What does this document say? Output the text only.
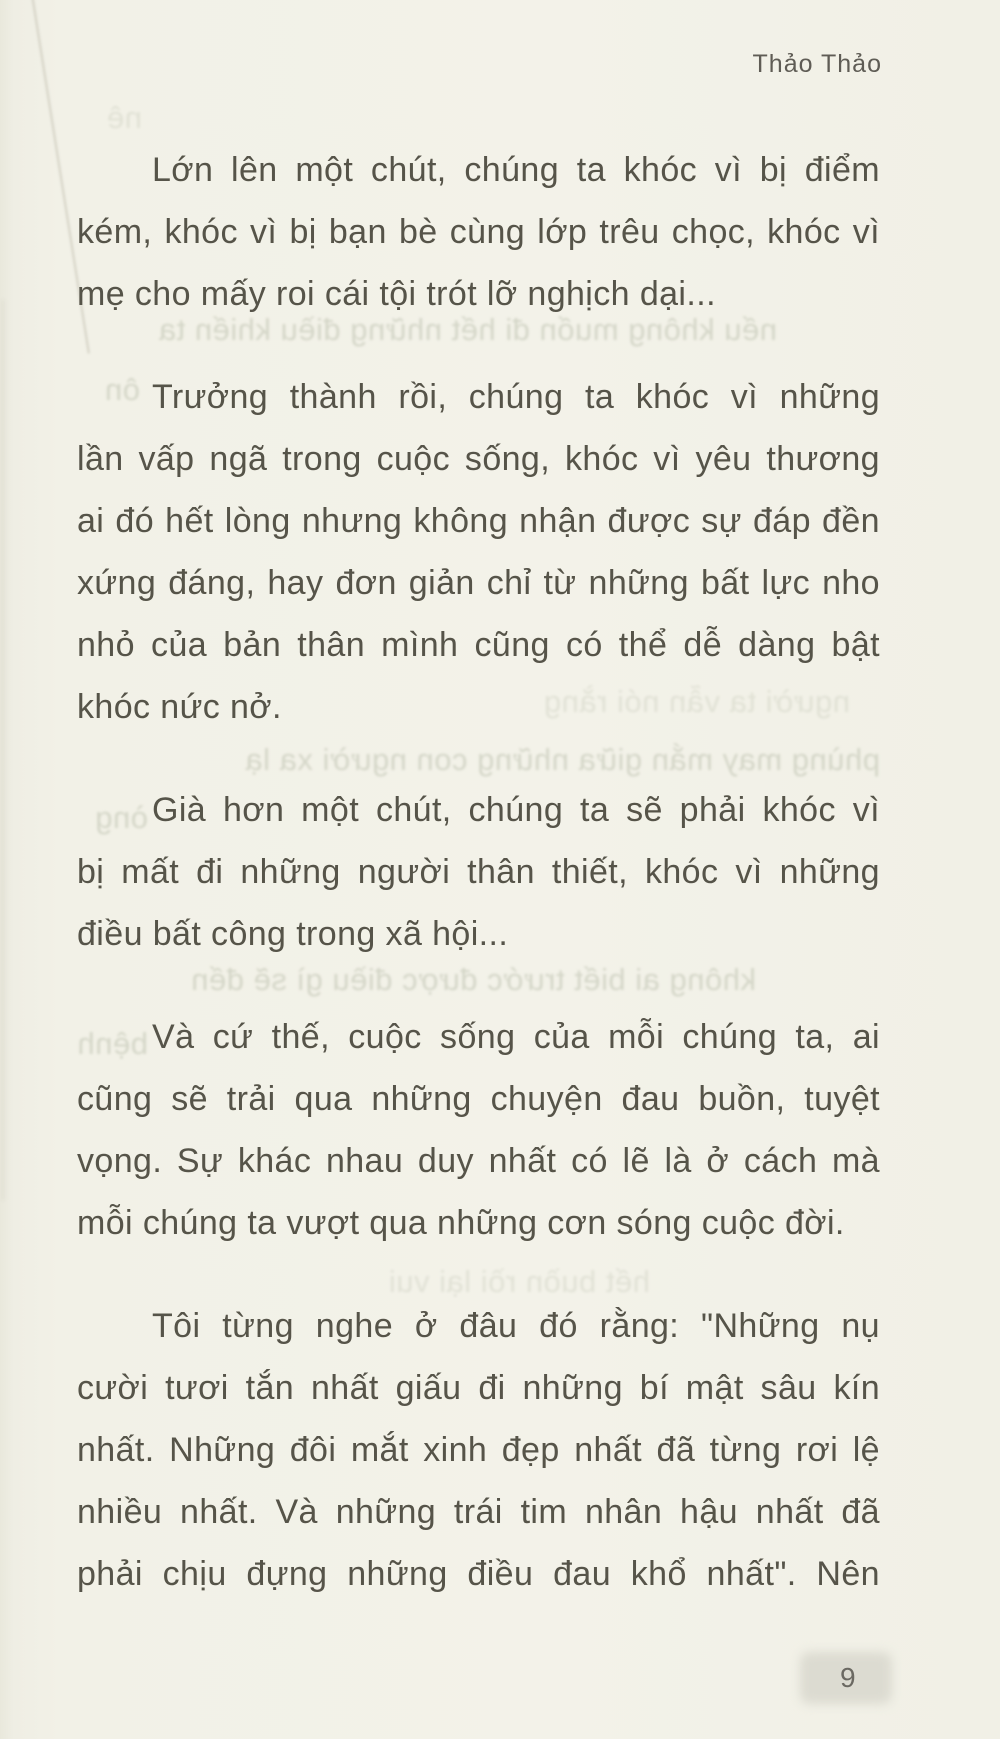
Thảo Thảo
nê
nếu không muốn đi hết những điều khiến ta
ôn
người ta vẫn nói rằng
phùng may mắn giữa những con người xa lạ
òng
không ai biết trước được điều gì sẽ đến
bệnh
hết buồn rồi lại vui
Lớn lên một chút, chúng ta khóc vì bị điểm
kém, khóc vì bị bạn bè cùng lớp trêu chọc, khóc vì
mẹ cho mấy roi cái tội trót lỡ nghịch dại...
Trưởng thành rồi, chúng ta khóc vì những
lần vấp ngã trong cuộc sống, khóc vì yêu thương
ai đó hết lòng nhưng không nhận được sự đáp đền
xứng đáng, hay đơn giản chỉ từ những bất lực nho
nhỏ của bản thân mình cũng có thể dễ dàng bật
khóc nức nở.
Già hơn một chút, chúng ta sẽ phải khóc vì
bị mất đi những người thân thiết, khóc vì những
điều bất công trong xã hội...
Và cứ thế, cuộc sống của mỗi chúng ta, ai
cũng sẽ trải qua những chuyện đau buồn, tuyệt
vọng. Sự khác nhau duy nhất có lẽ là ở cách mà
mỗi chúng ta vượt qua những cơn sóng cuộc đời.
Tôi từng nghe ở đâu đó rằng: "Những nụ
cười tươi tắn nhất giấu đi những bí mật sâu kín
nhất. Những đôi mắt xinh đẹp nhất đã từng rơi lệ
nhiều nhất. Và những trái tim nhân hậu nhất đã
phải chịu đựng những điều đau khổ nhất". Nên
9
